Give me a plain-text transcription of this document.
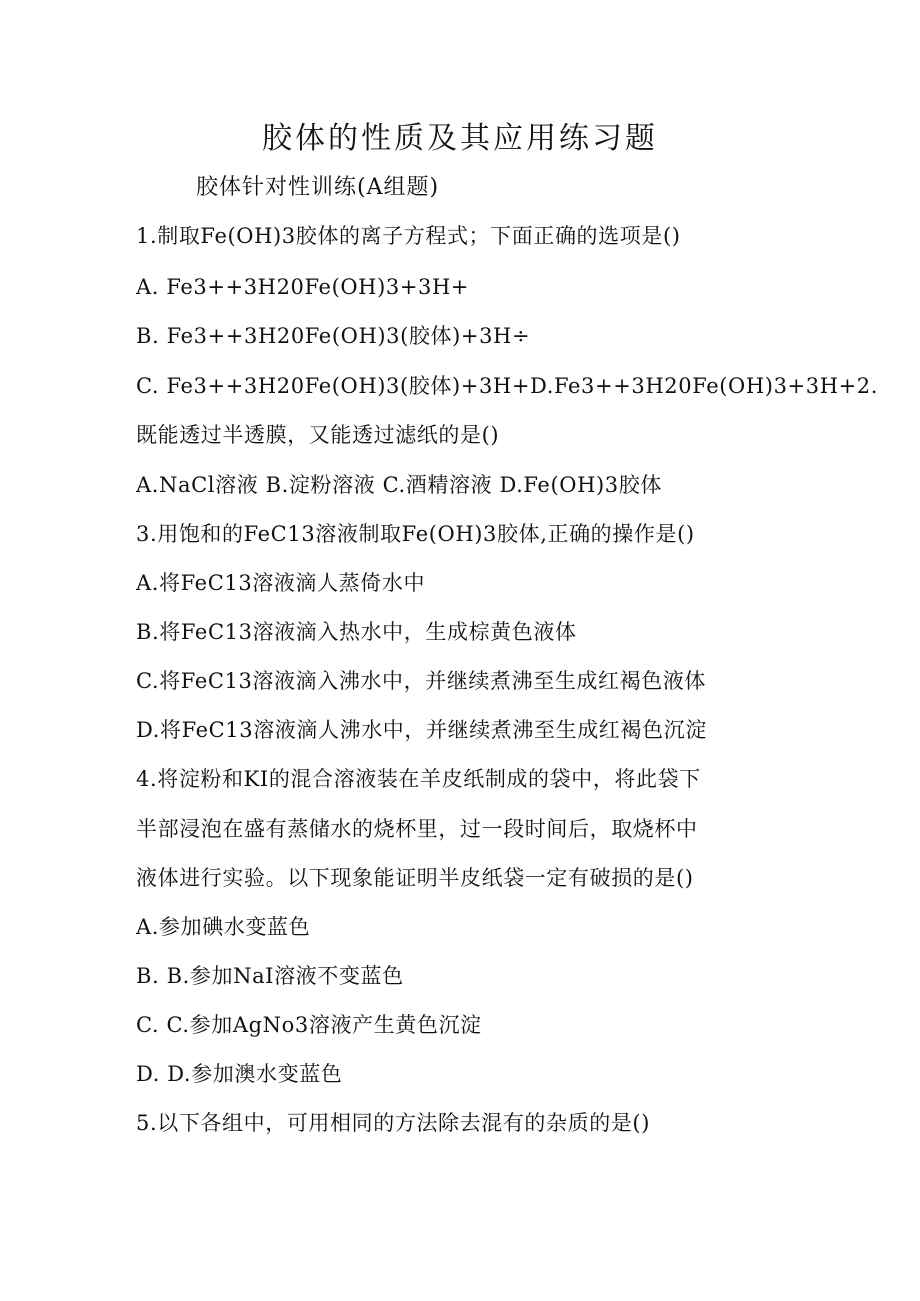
胶体的性质及其应用练习题
胶体针对性训练(A组题)
1.制取Fe(OH)3胶体的离子方程式；下面正确的选项是()
A. Fe3++3H20Fe(OH)3+3H+
B. Fe3++3H20Fe(OH)3(胶体)+3H÷
C. Fe3++3H20Fe(OH)3(胶体)+3H+D.Fe3++3H20Fe(OH)3+3H+2.
既能透过半透膜，又能透过滤纸的是()
A.NaCl溶液 B.淀粉溶液 C.酒精溶液 D.Fe(OH)3胶体
3.用饱和的FeC13溶液制取Fe(OH)3胶体,正确的操作是()
A.将FeC13溶液滴人蒸倚水中
B.将FeC13溶液滴入热水中，生成棕黄色液体
C.将FeC13溶液滴入沸水中，并继续煮沸至生成红褐色液体
D.将FeC13溶液滴人沸水中，并继续煮沸至生成红褐色沉淀
4.将淀粉和KI的混合溶液装在羊皮纸制成的袋中，将此袋下
半部浸泡在盛有蒸储水的烧杯里，过一段时间后，取烧杯中
液体进行实验。以下现象能证明半皮纸袋一定有破损的是()
A.参加碘水变蓝色
B. B.参加NaI溶液不变蓝色
C. C.参加AgNo3溶液产生黄色沉淀
D. D.参加澳水变蓝色
5.以下各组中，可用相同的方法除去混有的杂质的是()
